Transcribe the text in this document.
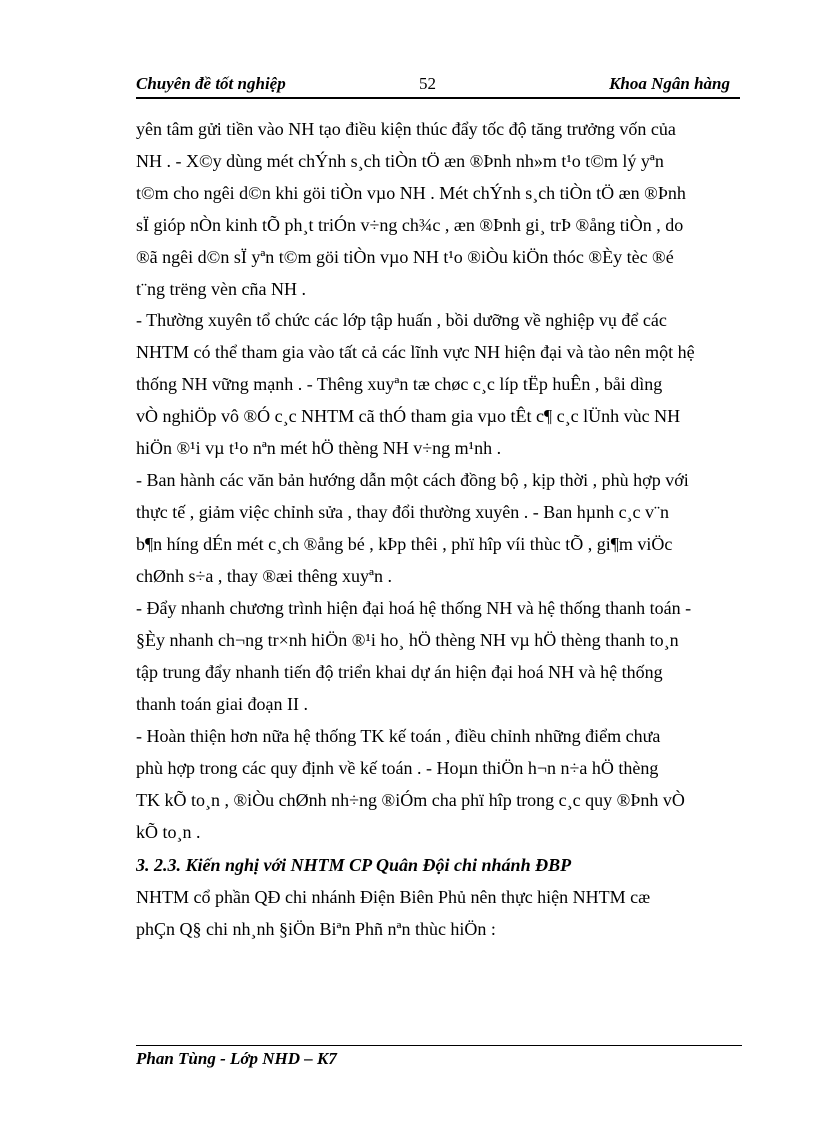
Chuyên đề tốt nghiệp	52	Khoa Ngân hàng
yên tâm gửi tiền vào NH tạo điều kiện thúc đẩy tốc độ tăng trưởng vốn của
NH . - X©y dùng mét chÝnh s¸ch tiÒn tÖ æn ®Þnh nh»m t¹o t©m lý yªn
t©m cho ngêi d©n khi göi tiÒn vµo NH . Mét chÝnh s¸ch tiÒn tÖ æn ®Þnh
sÏ gióp nÒn kinh tÕ ph¸t triÓn v÷ng ch¾c , æn ®Þnh gi¸ trÞ ®ång tiÒn , do
®ã ngêi d©n sÏ yªn t©m göi tiÒn vµo NH t¹o ®iÒu kiÖn thóc ®Èy tèc ®é
t¨ng trëng vèn cña NH .
- Thường xuyên tổ chức các lớp tập huấn , bồi dưỡng về nghiệp vụ để các
NHTM có thể tham gia vào tất cả các lĩnh vực NH hiện đại và tào nên một hệ
thống NH vững mạnh . - Thêng xuyªn tæ chøc c¸c líp tËp huÊn , båi dìng
vÒ nghiÖp vô ®Ó c¸c NHTM cã thÓ tham gia vµo tÊt c¶ c¸c lÜnh vùc NH
hiÖn ®¹i vµ t¹o nªn mét hÖ thèng NH v÷ng m¹nh .
- Ban hành các văn bản hướng dẫn một cách đồng bộ , kịp thời , phù hợp với
thực tế , giảm việc chỉnh sửa , thay đổi thường xuyên . - Ban hµnh c¸c v¨n
b¶n híng dÉn mét c¸ch ®ång bé , kÞp thêi , phï hîp víi thùc tÕ , gi¶m viÖc
chØnh s÷a , thay ®æi thêng xuyªn .
- Đẩy nhanh chương trình hiện đại hoá hệ thống NH và hệ thống thanh toán -
§Èy nhanh ch¬ng tr×nh hiÖn ®¹i ho¸ hÖ thèng NH vµ hÖ thèng thanh to¸n
tập trung đẩy nhanh tiến độ triển khai dự án hiện đại hoá NH và hệ thống
thanh toán giai đoạn II .
- Hoàn thiện hơn nữa hệ thống TK kế toán , điều chỉnh những điểm chưa
phù hợp trong các quy định về kế toán . - Hoµn thiÖn h¬n n÷a hÖ thèng
TK kÕ to¸n , ®iÒu chØnh nh÷ng ®iÓm cha phï hîp trong c¸c quy ®Þnh vÒ
kÕ to¸n .
3. 2.3. Kiến nghị với NHTM CP Quân Đội chi nhánh ĐBP
NHTM cổ phần QĐ chi nhánh Điện Biên Phủ nên thực hiện NHTM cæ
phÇn Q§ chi nh¸nh §iÖn Biªn Phñ nªn thùc hiÖn :
Phan Tùng - Lớp NHD – K7
